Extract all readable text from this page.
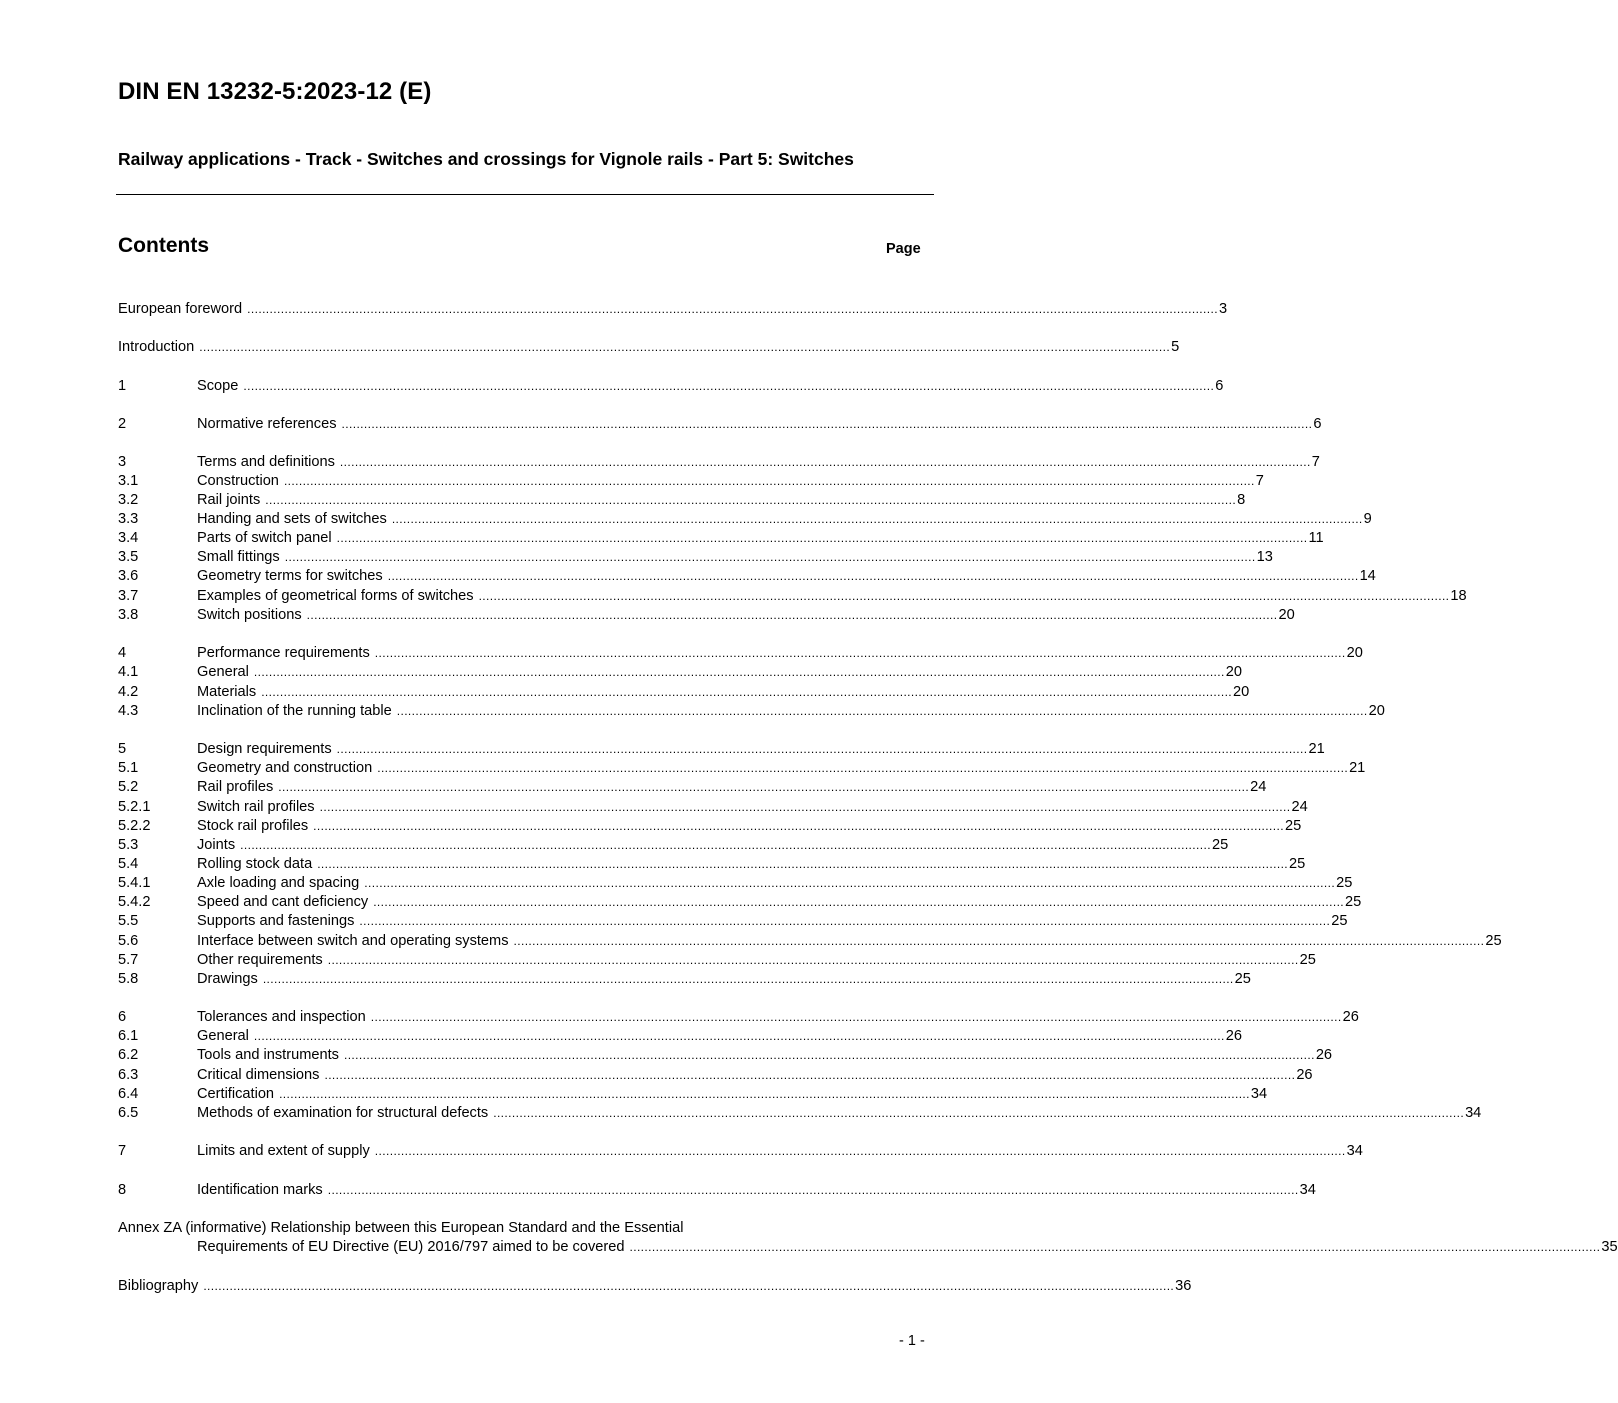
DIN EN 13232-5:2023-12 (E)
Railway applications - Track - Switches and crossings for Vignole rails - Part 5: Switches
Contents	Page
European foreword .................................................................................................................................................................................................................................................................... 3
Introduction .................................................................................................................................................................................................................................................................... 5
1	Scope .................................................................................................................................................................................................................................................................... 6
2	Normative references .................................................................................................................................................................................................................................................................... 6
3	Terms and definitions .................................................................................................................................................................................................................................................................... 7
3.1	Construction .................................................................................................................................................................................................................................................................... 7
3.2	Rail joints .................................................................................................................................................................................................................................................................... 8
3.3	Handing and sets of switches .................................................................................................................................................................................................................................................................... 9
3.4	Parts of switch panel .................................................................................................................................................................................................................................................................... 11
3.5	Small fittings .................................................................................................................................................................................................................................................................... 13
3.6	Geometry terms for switches .................................................................................................................................................................................................................................................................... 14
3.7	Examples of geometrical forms of switches .................................................................................................................................................................................................................................................................... 18
3.8	Switch positions .................................................................................................................................................................................................................................................................... 20
4	Performance requirements .................................................................................................................................................................................................................................................................... 20
4.1	General .................................................................................................................................................................................................................................................................... 20
4.2	Materials .................................................................................................................................................................................................................................................................... 20
4.3	Inclination of the running table .................................................................................................................................................................................................................................................................... 20
5	Design requirements .................................................................................................................................................................................................................................................................... 21
5.1	Geometry and construction .................................................................................................................................................................................................................................................................... 21
5.2	Rail profiles .................................................................................................................................................................................................................................................................... 24
5.2.1	Switch rail profiles .................................................................................................................................................................................................................................................................... 24
5.2.2	Stock rail profiles .................................................................................................................................................................................................................................................................... 25
5.3	Joints .................................................................................................................................................................................................................................................................... 25
5.4	Rolling stock data .................................................................................................................................................................................................................................................................... 25
5.4.1	Axle loading and spacing .................................................................................................................................................................................................................................................................... 25
5.4.2	Speed and cant deficiency .................................................................................................................................................................................................................................................................... 25
5.5	Supports and fastenings .................................................................................................................................................................................................................................................................... 25
5.6	Interface between switch and operating systems .................................................................................................................................................................................................................................................................... 25
5.7	Other requirements .................................................................................................................................................................................................................................................................... 25
5.8	Drawings .................................................................................................................................................................................................................................................................... 25
6	Tolerances and inspection .................................................................................................................................................................................................................................................................... 26
6.1	General .................................................................................................................................................................................................................................................................... 26
6.2	Tools and instruments .................................................................................................................................................................................................................................................................... 26
6.3	Critical dimensions .................................................................................................................................................................................................................................................................... 26
6.4	Certification .................................................................................................................................................................................................................................................................... 34
6.5	Methods of examination for structural defects .................................................................................................................................................................................................................................................................... 34
7	Limits and extent of supply .................................................................................................................................................................................................................................................................... 34
8	Identification marks .................................................................................................................................................................................................................................................................... 34
Annex ZA (informative) Relationship between this European Standard and the Essential
Requirements of EU Directive (EU) 2016/797 aimed to be covered .................................................................................................................................................................................................................................................................... 35
Bibliography .................................................................................................................................................................................................................................................................... 36
- 1 -
